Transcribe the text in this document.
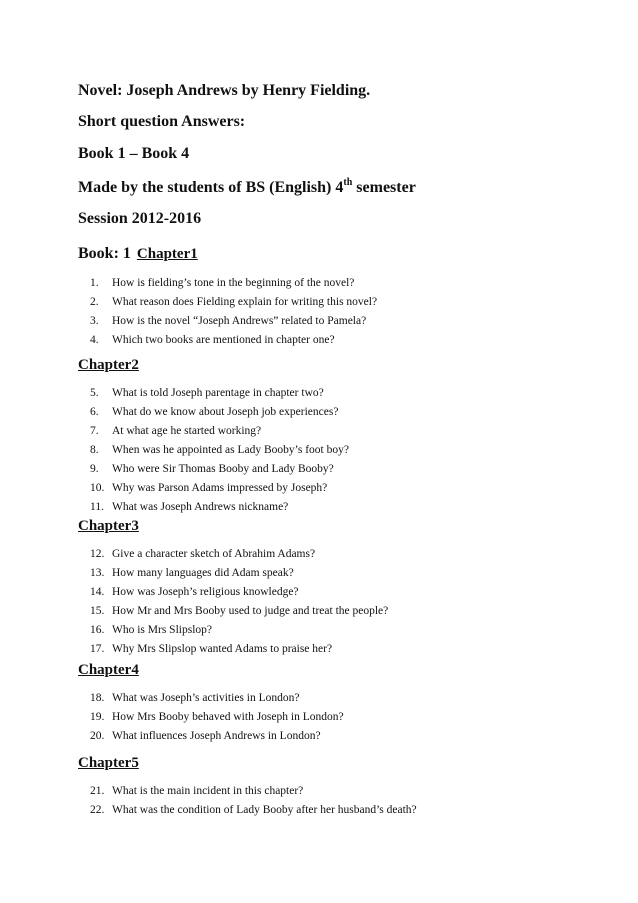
Novel: Joseph Andrews by Henry Fielding.
Short question Answers:
Book 1 – Book 4
Made by the students of BS (English) 4th semester
Session 2012-2016
Book: 1 Chapter1
1.	How is fielding’s tone in the beginning of the novel?
2.	What reason does Fielding explain for writing this novel?
3.	How is the novel “Joseph Andrews” related to Pamela?
4.	Which two books are mentioned in chapter one?
Chapter2
5.	What is told Joseph parentage in chapter two?
6.	What do we know about Joseph job experiences?
7.	At what age he started working?
8.	When was he appointed as Lady Booby’s foot boy?
9.	Who were Sir Thomas Booby and Lady Booby?
10. Why was Parson Adams impressed by Joseph?
11. What was Joseph Andrews nickname?
Chapter3
12. Give a character sketch of Abrahim Adams?
13. How many languages did Adam speak?
14. How was Joseph’s religious knowledge?
15. How Mr and Mrs Booby used to judge and treat the people?
16. Who is Mrs Slipslop?
17. Why Mrs Slipslop wanted Adams to praise her?
Chapter4
18. What was Joseph’s activities in London?
19. How Mrs Booby behaved with Joseph in London?
20. What influences Joseph Andrews in London?
Chapter5
21. What is the main incident in this chapter?
22. What was the condition of Lady Booby after her husband’s death?
